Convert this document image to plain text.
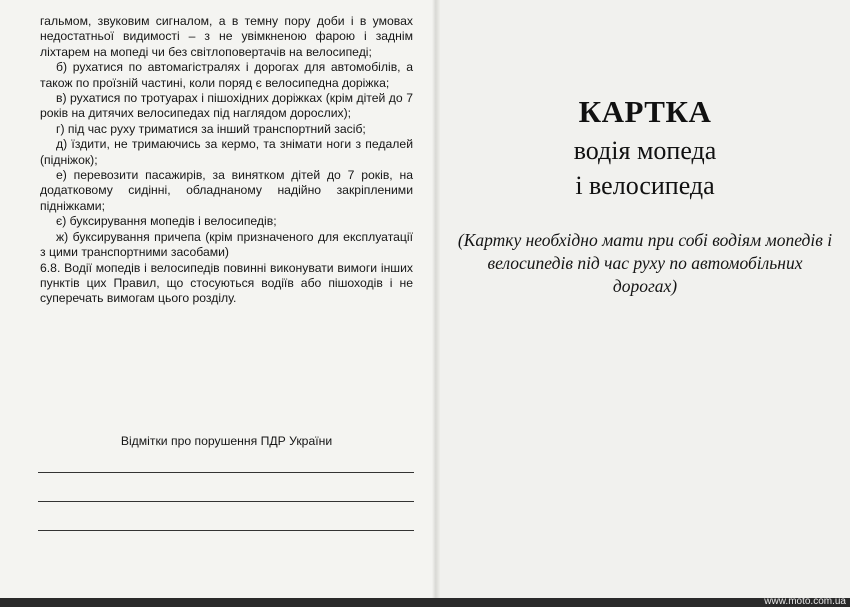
гальмом, звуковим сигналом, а в темну пору доби і в умовах недостатньої видимості – з не увімкненою фарою і заднім ліхтарем на мопеді чи без світлоповертачів на велосипеді;

б) рухатися по автомагістралях і дорогах для автомобілів, а також по проїзній частині, коли поряд є велосипедна доріжка;

в) рухатися по тротуарах і пішохідних доріжках (крім дітей до 7 років на дитячих велосипедах під наглядом дорослих);

г) під час руху триматися за інший транспортний засіб;

д) їздити, не тримаючись за кермо, та знімати ноги з педалей (підніжок);

е) перевозити пасажирів, за винятком дітей до 7 років, на додатковому сидінні, обладнаному надійно закріпленими підніжками;

є) буксирування мопедів і велосипедів;

ж) буксирування причепа (крім призначеного для експлуатації з цими транспортними засобами)

6.8. Водії мопедів і велосипедів повинні виконувати вимоги інших пунктів цих Правил, що стосуються водіїв або пішоходів і не суперечать вимогам цього розділу.

Відмітки про порушення ПДР України
КАРТКА
водія мопеда
і велосипеда
(Картку необхідно мати при собі водіям мопедів і велосипедів під час руху по автомобільних дорогах)
www.moto.com.ua
